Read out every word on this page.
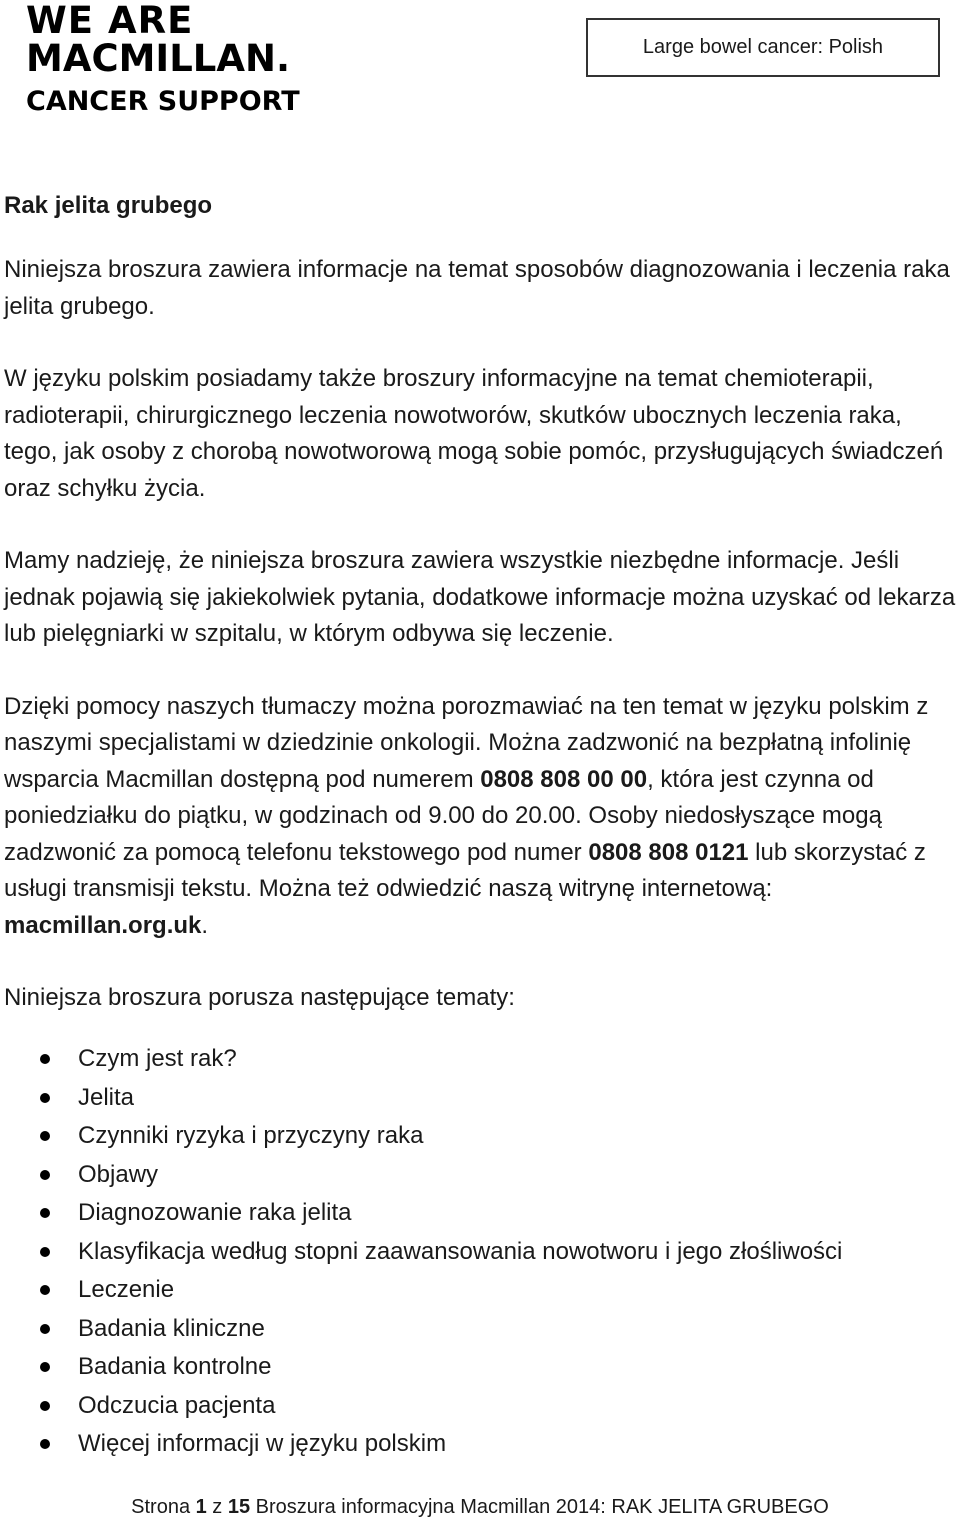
WE ARE
MACMILLAN.
CANCER SUPPORT
Large bowel cancer: Polish
Rak jelita grubego

Niniejsza broszura zawiera informacje na temat sposobów diagnozowania i leczenia raka jelita grubego.

W języku polskim posiadamy także broszury informacyjne na temat chemioterapii, radioterapii, chirurgicznego leczenia nowotworów, skutków ubocznych leczenia raka, tego, jak osoby z chorobą nowotworową mogą sobie pomóc, przysługujących świadczeń oraz schyłku życia.

Mamy nadzieję, że niniejsza broszura zawiera wszystkie niezbędne informacje. Jeśli jednak pojawią się jakiekolwiek pytania, dodatkowe informacje można uzyskać od lekarza lub pielęgniarki w szpitalu, w którym odbywa się leczenie.

Dzięki pomocy naszych tłumaczy można porozmawiać na ten temat w języku polskim z naszymi specjalistami w dziedzinie onkologii. Można zadzwonić na bezpłatną infolinię wsparcia Macmillan dostępną pod numerem 0808 808 00 00, która jest czynna od poniedziałku do piątku, w godzinach od 9.00 do 20.00. Osoby niedosłyszące mogą zadzwonić za pomocą telefonu tekstowego pod numer 0808 808 0121 lub skorzystać z usługi transmisji tekstu. Można też odwiedzić naszą witrynę internetową: macmillan.org.uk.

Niniejsza broszura porusza następujące tematy:

Czym jest rak?
Jelita
Czynniki ryzyka i przyczyny raka
Objawy
Diagnozowanie raka jelita
Klasyfikacja według stopni zaawansowania nowotworu i jego złośliwości
Leczenie
Badania kliniczne
Badania kontrolne
Odczucia pacjenta
Więcej informacji w języku polskim
Strona 1 z 15 Broszura informacyjna Macmillan 2014: RAK JELITA GRUBEGO
